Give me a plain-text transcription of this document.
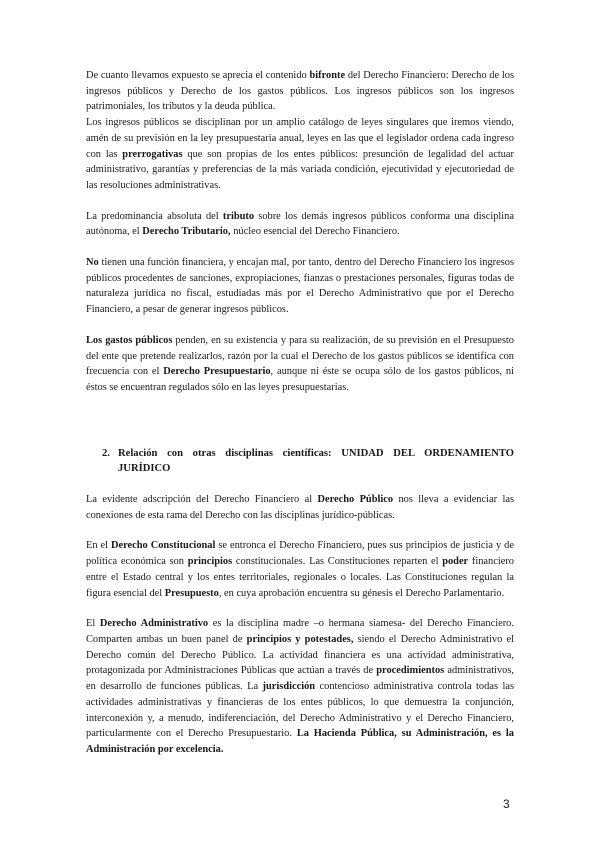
De cuanto llevamos expuesto se aprecia el contenido bifronte del Derecho Financiero: Derecho de los ingresos públicos y Derecho de los gastos públicos. Los ingresos públicos son los ingresos patrimoniales, los tributos y la deuda pública.

Los ingresos públicos se disciplinan por un amplio catálogo de leyes singulares que iremos viendo, amén de su previsión en la ley presupuestaria anual, leyes en las que el legislador ordena cada ingreso con las prerrogativas que son propias de los entes públicos: presunción de legalidad del actuar administrativo, garantías y preferencias de la más variada condición, ejecutividad y ejecutoriedad de las resoluciones administrativas.

La predominancia absoluta del tributo sobre los demás ingresos públicos conforma una disciplina autónoma, el Derecho Tributario, núcleo esencial del Derecho Financiero.

No tienen una función financiera, y encajan mal, por tanto, dentro del Derecho Financiero los ingresos públicos procedentes de sanciones, expropiaciones, fianzas o prestaciones personales, figuras todas de naturaleza jurídica no fiscal, estudiadas más por el Derecho Administrativo que por el Derecho Financiero, a pesar de generar ingresos públicos.

Los gastos públicos penden, en su existencia y para su realización, de su previsión en el Presupuesto del ente que pretende realizarlos, razón por la cual el Derecho de los gastos públicos se identifica con frecuencia con el Derecho Presupuestario, aunque ni éste se ocupa sólo de los gastos públicos, ni éstos se encuentran regulados sólo en las leyes presupuestarias.

2. Relación con otras disciplinas científicas: UNIDAD DEL ORDENAMIENTO JURÍDICO

La evidente adscripción del Derecho Financiero al Derecho Público nos lleva a evidenciar las conexiones de esta rama del Derecho con las disciplinas jurídico-públicas.

En el Derecho Constitucional se entronca el Derecho Financiero, pues sus principios de justicia y de política económica son principios constitucionales. Las Constituciones reparten el poder financiero entre el Estado central y los entes territoriales, regionales o locales. Las Constituciones regulan la figura esencial del Presupuesto, en cuya aprobación encuentra su génesis el Derecho Parlamentario.

El Derecho Administrativo es la disciplina madre –o hermana siamesa- del Derecho Financiero. Comparten ambas un buen panel de principios y potestades, siendo el Derecho Administrativo el Derecho común del Derecho Público. La actividad financiera es una actividad administrativa, protagonizada por Administraciones Públicas que actúan a través de procedimientos administrativos, en desarrollo de funciones públicas. La jurisdicción contencioso administrativa controla todas las actividades administrativas y financieras de los entes públicos, lo que demuestra la conjunción, interconexión y, a menudo, indiferenciación, del Derecho Administrativo y el Derecho Financiero, particularmente con el Derecho Presupuestario. La Hacienda Pública, su Administración, es la Administración por excelencia.

3
